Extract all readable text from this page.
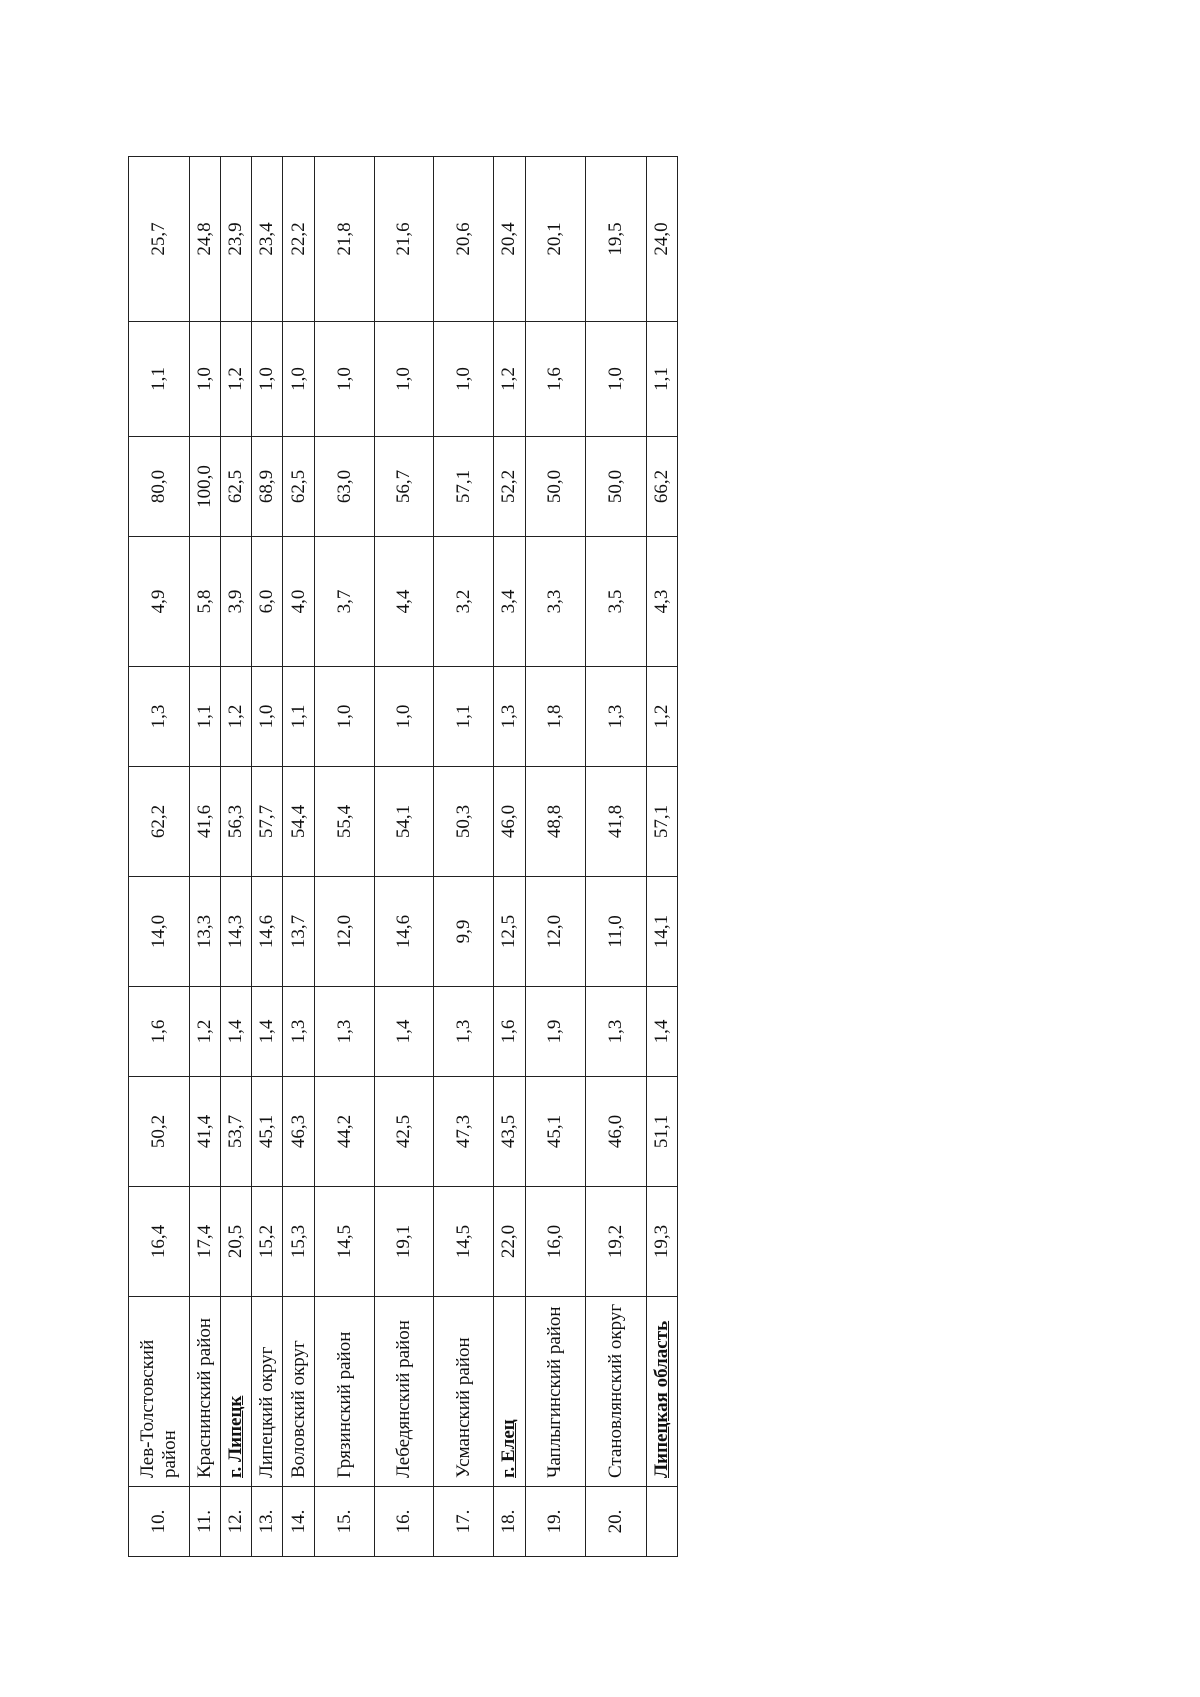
10.	Лев-Толстовский район	16,4	50,2	1,6	14,0	62,2	1,3	4,9	80,0	1,1	25,7
11.	Краснинский район	17,4	41,4	1,2	13,3	41,6	1,1	5,8	100,0	1,0	24,8
12.	г. Липецк	20,5	53,7	1,4	14,3	56,3	1,2	3,9	62,5	1,2	23,9
13.	Липецкий округ	15,2	45,1	1,4	14,6	57,7	1,0	6,0	68,9	1,0	23,4
14.	Воловский округ	15,3	46,3	1,3	13,7	54,4	1,1	4,0	62,5	1,0	22,2
15.	Грязинский район	14,5	44,2	1,3	12,0	55,4	1,0	3,7	63,0	1,0	21,8
16.	Лебедянский район	19,1	42,5	1,4	14,6	54,1	1,0	4,4	56,7	1,0	21,6
17.	Усманский район	14,5	47,3	1,3	9,9	50,3	1,1	3,2	57,1	1,0	20,6
18.	г. Елец	22,0	43,5	1,6	12,5	46,0	1,3	3,4	52,2	1,2	20,4
19.	Чаплыгинский район	16,0	45,1	1,9	12,0	48,8	1,8	3,3	50,0	1,6	20,1
20.	Становлянский округ	19,2	46,0	1,3	11,0	41,8	1,3	3,5	50,0	1,0	19,5
	Липецкая область	19,3	51,1	1,4	14,1	57,1	1,2	4,3	66,2	1,1	24,0
